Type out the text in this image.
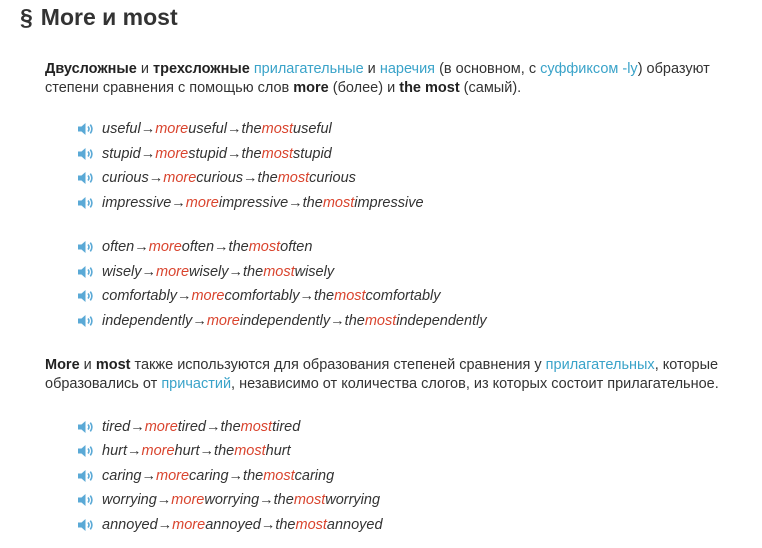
§ More и most
Двусложные и трехсложные прилагательные и наречия (в основном, с суффиксом -ly) образуют степени сравнения с помощью слов more (более) и the most (самый).
useful → more useful → the most useful
stupid → more stupid → the most stupid
curious → more curious → the most curious
impressive → more impressive → the most impressive
often → more often → the most often
wisely → more wisely → the most wisely
comfortably → more comfortably → the most comfortably
independently → more independently → the most independently
More и most также используются для образования степеней сравнения у прилагательных, которые образовались от причастий, независимо от количества слогов, из которых состоит прилагательное.
tired → more tired → the most tired
hurt → more hurt → the most hurt
caring → more caring → the most caring
worrying → more worrying → the most worrying
annoyed → more annoyed → the most annoyed
